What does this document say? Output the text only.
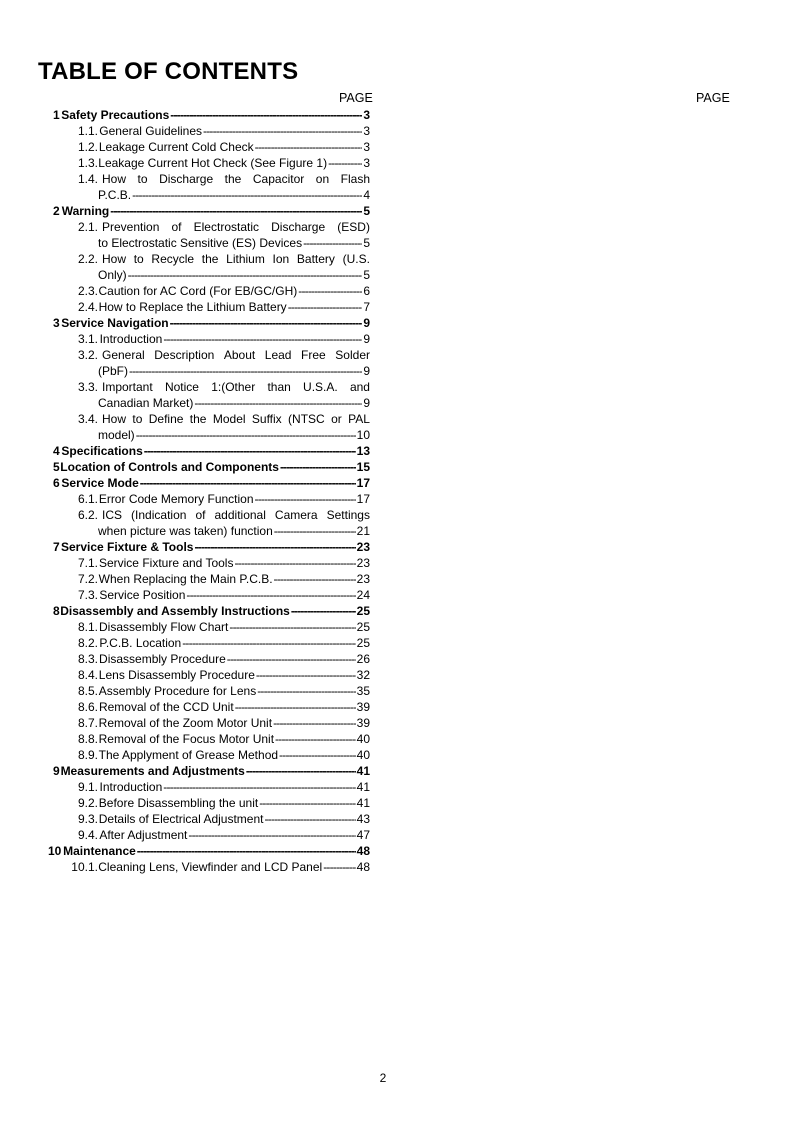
TABLE OF CONTENTS
PAGE	PAGE
1 Safety Precautions -----	3
1.1. General Guidelines -----	3
1.2. Leakage Current Cold Check -----	3
1.3. Leakage Current Hot Check (See Figure 1) -----	3
1.4. How to Discharge the Capacitor on Flash
P.C.B. -----	4
2 Warning -----	5
2.1. Prevention of Electrostatic Discharge (ESD)
to Electrostatic Sensitive (ES) Devices -----	5
2.2. How to Recycle the Lithium Ion Battery (U.S.
Only) -----	5
2.3. Caution for AC Cord (For EB/GC/GH) -----	6
2.4. How to Replace the Lithium Battery -----	7
3 Service Navigation -----	9
3.1. Introduction -----	9
3.2. General Description About Lead Free Solder
(PbF) -----	9
3.3. Important Notice 1:(Other than U.S.A. and
Canadian Market) -----	9
3.4. How to Define the Model Suffix (NTSC or PAL
model) -----	10
4 Specifications -----	13
5 Location of Controls and Components -----	15
6 Service Mode -----	17
6.1. Error Code Memory Function -----	17
6.2. ICS (Indication of additional Camera Settings
when picture was taken) function -----	21
7 Service Fixture & Tools -----	23
7.1. Service Fixture and Tools -----	23
7.2. When Replacing the Main P.C.B. -----	23
7.3. Service Position -----	24
8 Disassembly and Assembly Instructions -----	25
8.1. Disassembly Flow Chart -----	25
8.2. P.C.B. Location -----	25
8.3. Disassembly Procedure -----	26
8.4. Lens Disassembly Procedure -----	32
8.5. Assembly Procedure for Lens -----	35
8.6. Removal of the CCD Unit -----	39
8.7. Removal of the Zoom Motor Unit -----	39
8.8. Removal of the Focus Motor Unit -----	40
8.9. The Applyment of Grease Method -----	40
9 Measurements and Adjustments -----	41
9.1. Introduction -----	41
9.2. Before Disassembling the unit -----	41
9.3. Details of Electrical Adjustment -----	43
9.4. After Adjustment -----	47
10 Maintenance -----	48
10.1. Cleaning Lens, Viewfinder and LCD Panel -----	48
2
